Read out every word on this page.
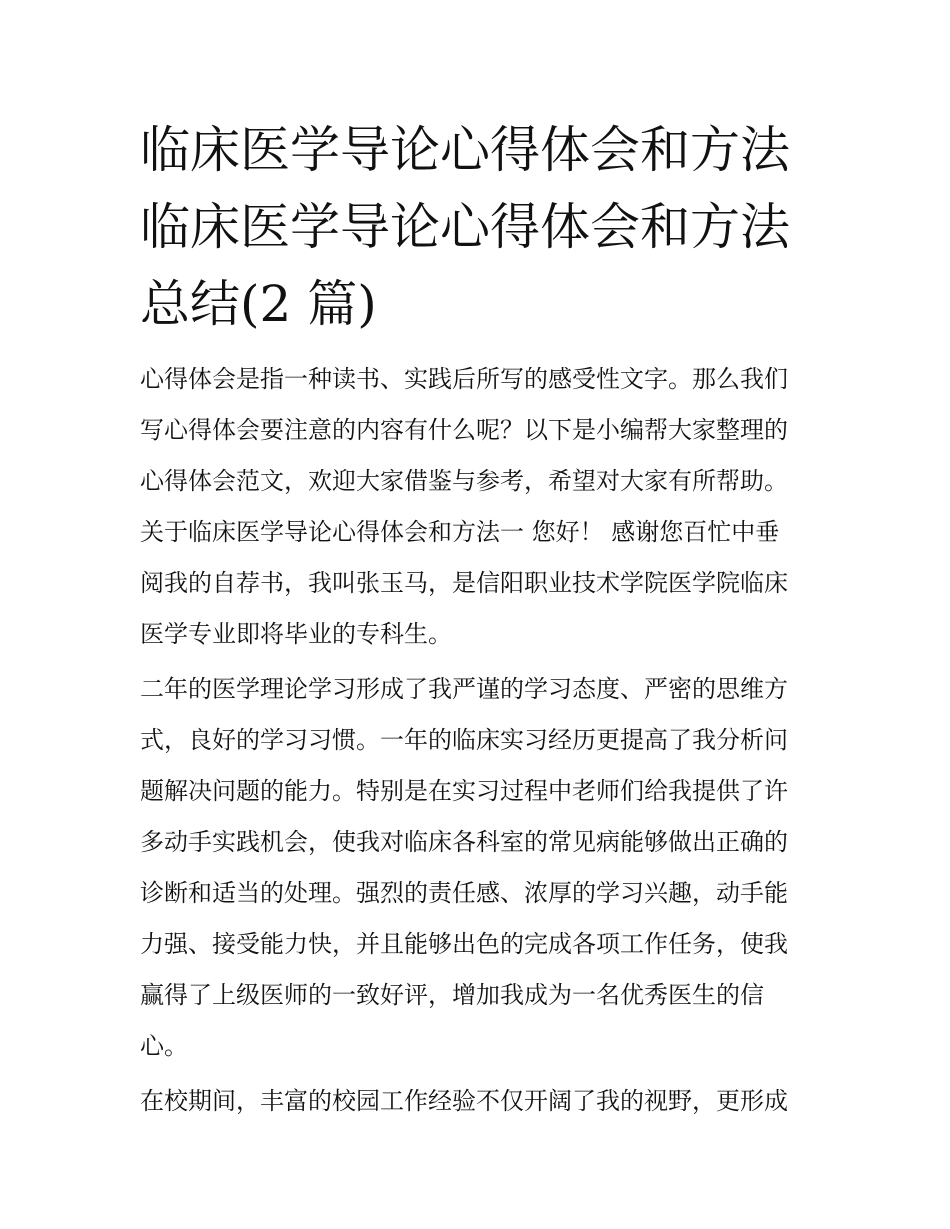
临床医学导论心得体会和方法
临床医学导论心得体会和方法
总结(2 篇)
心得体会是指一种读书、实践后所写的感受性文字。那么我们
写心得体会要注意的内容有什么呢？以下是小编帮大家整理的
心得体会范文，欢迎大家借鉴与参考，希望对大家有所帮助。
关于临床医学导论心得体会和方法一 您好！ 感谢您百忙中垂
阅我的自荐书，我叫张玉马，是信阳职业技术学院医学院临床
医学专业即将毕业的专科生。
二年的医学理论学习形成了我严谨的学习态度、严密的思维方
式，良好的学习习惯。一年的临床实习经历更提高了我分析问
题解决问题的能力。特别是在实习过程中老师们给我提供了许
多动手实践机会，使我对临床各科室的常见病能够做出正确的
诊断和适当的处理。强烈的责任感、浓厚的学习兴趣，动手能
力强、接受能力快，并且能够出色的完成各项工作任务，使我
赢得了上级医师的一致好评，增加我成为一名优秀医生的信
心。
在校期间，丰富的校园工作经验不仅开阔了我的视野，更形成
